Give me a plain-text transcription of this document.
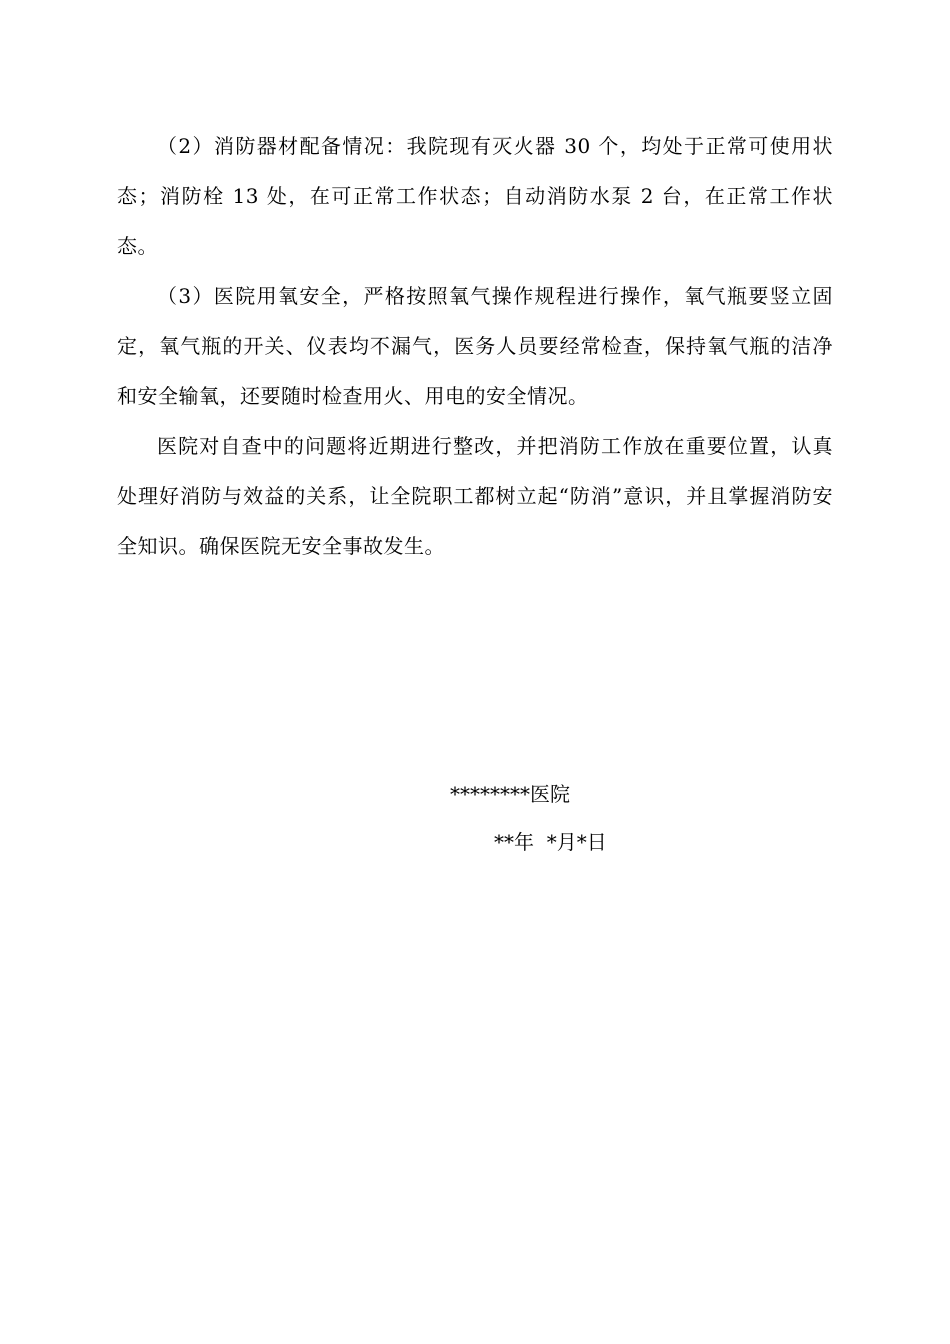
（2）消防器材配备情况：我院现有灭火器 30 个，均处于正常可使用状态；消防栓 13 处，在可正常工作状态；自动消防水泵 2 台，在正常工作状态。

（3）医院用氧安全，严格按照氧气操作规程进行操作，氧气瓶要竖立固定，氧气瓶的开关、仪表均不漏气，医务人员要经常检查，保持氧气瓶的洁净和安全输氧，还要随时检查用火、用电的安全情况。

医院对自查中的问题将近期进行整改，并把消防工作放在重要位置，认真处理好消防与效益的关系，让全院职工都树立起“防消”意识，并且掌握消防安全知识。确保医院无安全事故发生。

********医院
**年  *月*日
